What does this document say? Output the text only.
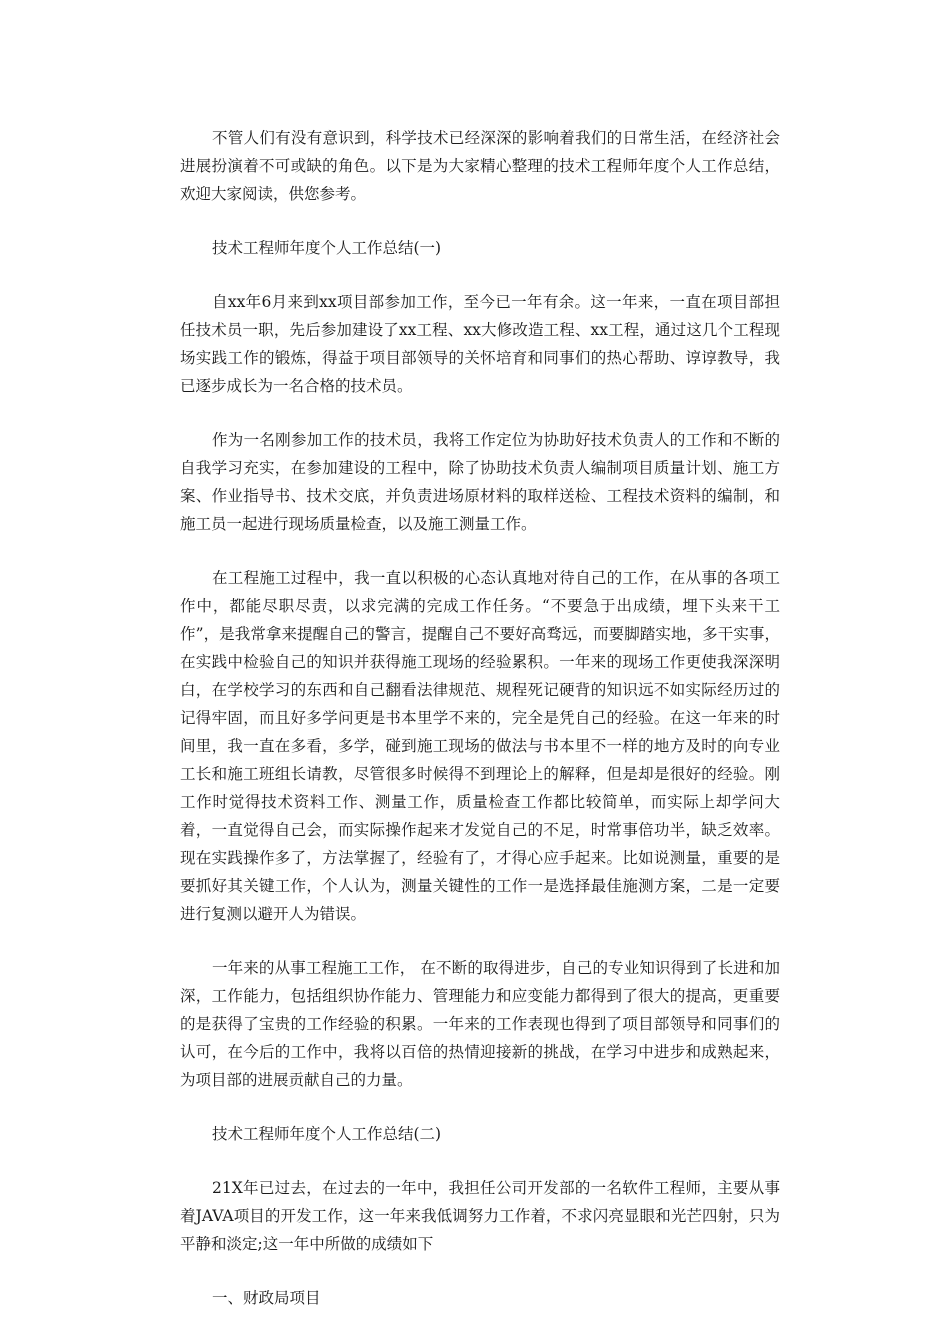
不管人们有没有意识到，科学技术已经深深的影响着我们的日常生活，在经济社会进展扮演着不可或缺的角色。以下是为大家精心整理的技术工程师年度个人工作总结，欢迎大家阅读，供您参考。

技术工程师年度个人工作总结(一)

自xx年6月来到xx项目部参加工作，至今已一年有余。这一年来，一直在项目部担任技术员一职，先后参加建设了xx工程、xx大修改造工程、xx工程，通过这几个工程现场实践工作的锻炼，得益于项目部领导的关怀培育和同事们的热心帮助、谆谆教导，我已逐步成长为一名合格的技术员。

作为一名刚参加工作的技术员，我将工作定位为协助好技术负责人的工作和不断的自我学习充实，在参加建设的工程中，除了协助技术负责人编制项目质量计划、施工方案、作业指导书、技术交底，并负责进场原材料的取样送检、工程技术资料的编制，和施工员一起进行现场质量检查，以及施工测量工作。

在工程施工过程中，我一直以积极的心态认真地对待自己的工作，在从事的各项工作中，都能尽职尽责，以求完满的完成工作任务。“不要急于出成绩，埋下头来干工作”，是我常拿来提醒自己的警言，提醒自己不要好高骛远，而要脚踏实地，多干实事，在实践中检验自己的知识并获得施工现场的经验累积。一年来的现场工作更使我深深明白，在学校学习的东西和自己翻看法律规范、规程死记硬背的知识远不如实际经历过的记得牢固，而且好多学问更是书本里学不来的，完全是凭自己的经验。在这一年来的时间里，我一直在多看，多学，碰到施工现场的做法与书本里不一样的地方及时的向专业工长和施工班组长请教，尽管很多时候得不到理论上的解释，但是却是很好的经验。刚工作时觉得技术资料工作、测量工作，质量检查工作都比较简单，而实际上却学问大着，一直觉得自己会，而实际操作起来才发觉自己的不足，时常事倍功半，缺乏效率。现在实践操作多了，方法掌握了，经验有了，才得心应手起来。比如说测量，重要的是要抓好其关键工作，个人认为，测量关键性的工作一是选择最佳施测方案，二是一定要进行复测以避开人为错误。

一年来的从事工程施工工作， 在不断的取得进步，自己的专业知识得到了长进和加深，工作能力，包括组织协作能力、管理能力和应变能力都得到了很大的提高，更重要的是获得了宝贵的工作经验的积累。一年来的工作表现也得到了项目部领导和同事们的认可，在今后的工作中，我将以百倍的热情迎接新的挑战，在学习中进步和成熟起来，为项目部的进展贡献自己的力量。

技术工程师年度个人工作总结(二)

21X年已过去，在过去的一年中，我担任公司开发部的一名软件工程师，主要从事着JAVA项目的开发工作，这一年来我低调努力工作着，不求闪亮显眼和光芒四射，只为平静和淡定;这一年中所做的成绩如下

一、财政局项目
